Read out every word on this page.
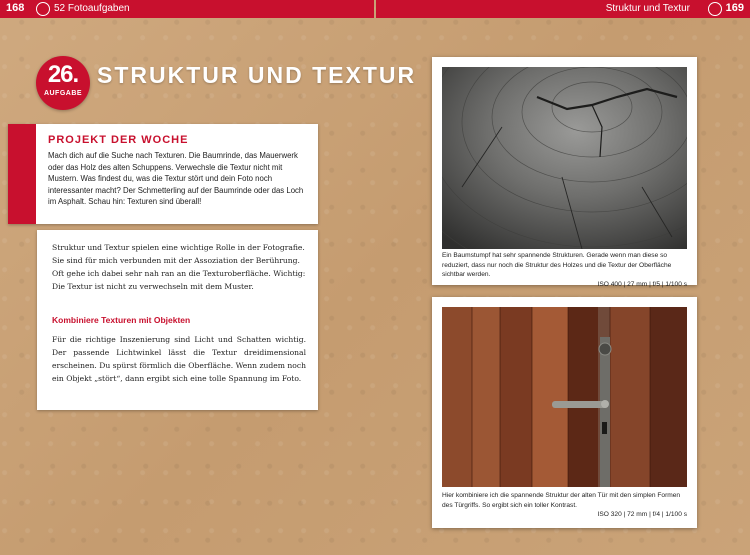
168	52 Fotoaufgaben	Struktur und Textur	169
26.
AUFGABE
STRUKTUR UND TEXTUR
PROJEKT DER WOCHE
Mach dich auf die Suche nach Texturen. Die Baumrinde, das Mauerwerk oder das Holz des alten Schuppens. Verwechsle die Textur nicht mit Mustern. Was findest du, was die Textur stört und dein Foto noch interessanter macht? Der Schmetterling auf der Baumrinde oder das Loch im Asphalt. Schau hin: Texturen sind überall!
Struktur und Textur spielen eine wichtige Rolle in der Fotografie. Sie sind für mich verbunden mit der Assoziation der Berührung. Oft gehe ich dabei sehr nah ran an die Texturoberfläche. Wichtig: Die Textur ist nicht zu verwechseln mit dem Muster.
Kombiniere Texturen mit Objekten
Für die richtige Inszenierung sind Licht und Schatten wichtig. Der passende Lichtwinkel lässt die Textur dreidimensional erscheinen. Du spürst förmlich die Oberfläche. Wenn zudem noch ein Objekt „stört“, dann ergibt sich eine tolle Spannung im Foto.
Ein Baumstumpf hat sehr spannende Strukturen. Gerade wenn man diese so reduziert, dass nur noch die Struktur des Holzes und die Textur der Oberfläche sichtbar werden.
ISO 400 | 27 mm | f/5 | 1/100 s
Hier kombiniere ich die spannende Struktur der alten Tür mit den simplen Formen des Türgriffs. So ergibt sich ein toller Kontrast.
ISO 320 | 72 mm | f/4 | 1/100 s
